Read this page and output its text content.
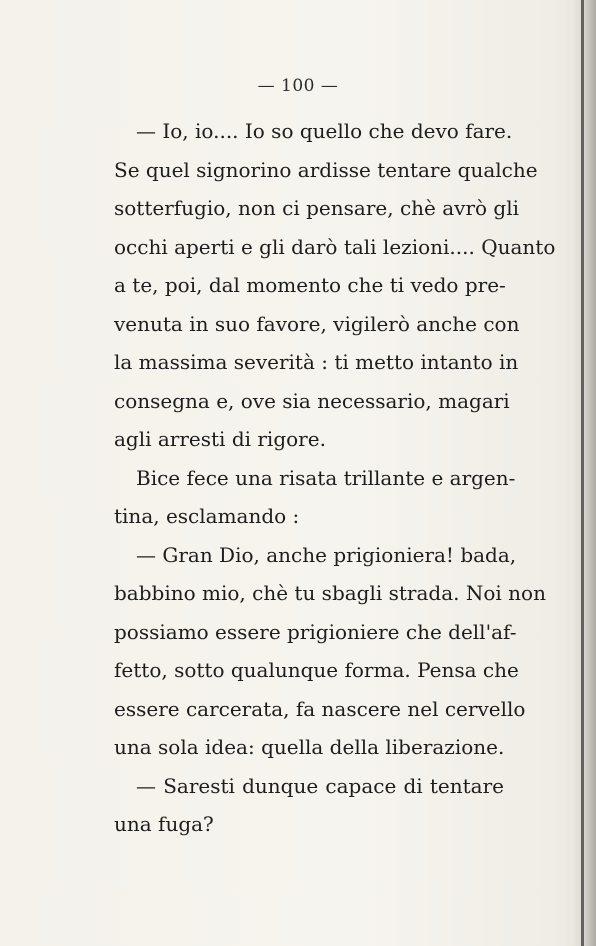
— 100 —
— Io, io.... Io so quello che devo fare.
Se quel signorino ardisse tentare qualche
sotterfugio, non ci pensare, chè avrò gli
occhi aperti e gli darò tali lezioni.... Quanto
a te, poi, dal momento che ti vedo pre-
venuta in suo favore, vigilerò anche con
la massima severità : ti metto intanto in
consegna e, ove sia necessario, magari
agli arresti di rigore.
Bice fece una risata trillante e argen-
tina, esclamando :
— Gran Dio, anche prigioniera! bada,
babbino mio, chè tu sbagli strada. Noi non
possiamo essere prigioniere che dell'af-
fetto, sotto qualunque forma. Pensa che
essere carcerata, fa nascere nel cervello
una sola idea: quella della liberazione.
— Saresti dunque capace di tentare
una fuga?
